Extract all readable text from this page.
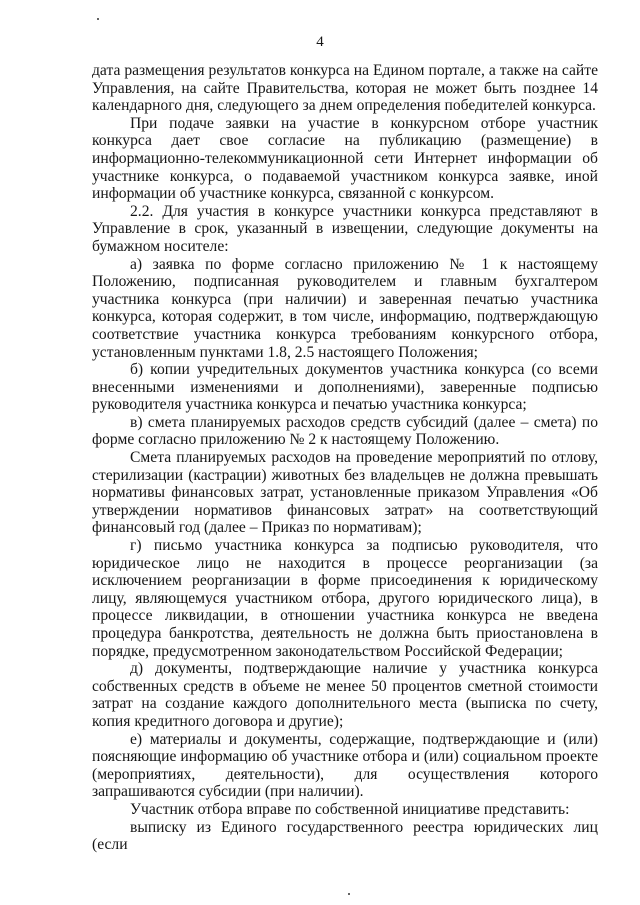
4

дата размещения результатов конкурса на Едином портале, а также на сайте Управления, на сайте Правительства, которая не может быть позднее 14 календарного дня, следующего за днем определения победителей конкурса.

При подаче заявки на участие в конкурсном отборе участник конкурса дает свое согласие на публикацию (размещение) в информационно-телекоммуникационной сети Интернет информации об участнике конкурса, о подаваемой участником конкурса заявке, иной информации об участнике конкурса, связанной с конкурсом.

2.2. Для участия в конкурсе участники конкурса представляют в Управление в срок, указанный в извещении, следующие документы на бумажном носителе:

а) заявка по форме согласно приложению № 1 к настоящему Положению, подписанная руководителем и главным бухгалтером участника конкурса (при наличии) и заверенная печатью участника конкурса, которая содержит, в том числе, информацию, подтверждающую соответствие участника конкурса требованиям конкурсного отбора, установленным пунктами 1.8, 2.5 настоящего Положения;

б) копии учредительных документов участника конкурса (со всеми внесенными изменениями и дополнениями), заверенные подписью руководителя участника конкурса и печатью участника конкурса;

в) смета планируемых расходов средств субсидий (далее – смета) по форме согласно приложению № 2 к настоящему Положению.

Смета планируемых расходов на проведение мероприятий по отлову, стерилизации (кастрации) животных без владельцев не должна превышать нормативы финансовых затрат, установленные приказом Управления «Об утверждении нормативов финансовых затрат» на соответствующий финансовый год (далее – Приказ по нормативам);

г) письмо участника конкурса за подписью руководителя, что юридическое лицо не находится в процессе реорганизации (за исключением реорганизации в форме присоединения к юридическому лицу, являющемуся участником отбора, другого юридического лица), в процессе ликвидации, в отношении участника конкурса не введена процедура банкротства, деятельность не должна быть приостановлена в порядке, предусмотренном законодательством Российской Федерации;

д) документы, подтверждающие наличие у участника конкурса собственных средств в объеме не менее 50 процентов сметной стоимости затрат на создание каждого дополнительного места (выписка по счету, копия кредитного договора и другие);

е) материалы и документы, содержащие, подтверждающие и (или) поясняющие информацию об участнике отбора и (или) социальном проекте (мероприятиях, деятельности), для осуществления которого запрашиваются субсидии (при наличии).

Участник отбора вправе по собственной инициативе представить:

выписку из Единого государственного реестра юридических лиц (если
